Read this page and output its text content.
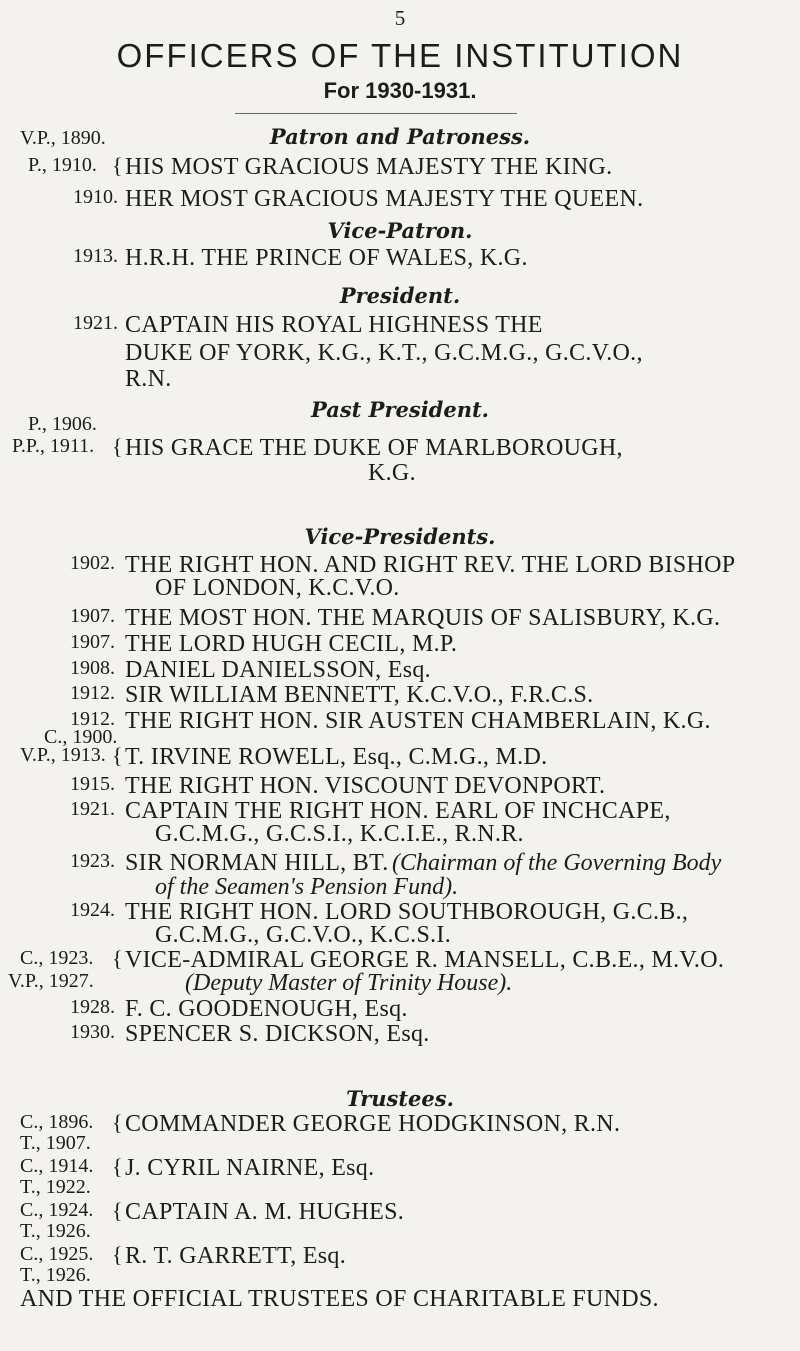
5
OFFICERS OF THE INSTITUTION
For 1930-1931.
Patron and Patroness.
V.P., 1890.
P., 1910. { HIS MOST GRACIOUS MAJESTY THE KING.
1910. HER MOST GRACIOUS MAJESTY THE QUEEN.
Vice-Patron.
1913. H.R.H. THE PRINCE OF WALES, K.G.
President.
1921. CAPTAIN HIS ROYAL HIGHNESS THE
DUKE OF YORK, K.G., K.T., G.C.M.G., G.C.V.O.,
R.N.
Past President.
P., 1906.
P.P., 1911. { HIS GRACE THE DUKE OF MARLBOROUGH,
K.G.
Vice-Presidents.
1902. THE RIGHT HON. AND RIGHT REV. THE LORD BISHOP
OF LONDON, K.C.V.O.
1907. THE MOST HON. THE MARQUIS OF SALISBURY, K.G.
1907. THE LORD HUGH CECIL, M.P.
1908. DANIEL DANIELSSON, Esq.
1912. SIR WILLIAM BENNETT, K.C.V.O., F.R.C.S.
1912. THE RIGHT HON. SIR AUSTEN CHAMBERLAIN, K.G.
C., 1900.
V.P., 1913. { T. IRVINE ROWELL, Esq., C.M.G., M.D.
1915. THE RIGHT HON. VISCOUNT DEVONPORT.
1921. CAPTAIN THE RIGHT HON. EARL OF INCHCAPE,
G.C.M.G., G.C.S.I., K.C.I.E., R.N.R.
1923. SIR NORMAN HILL, BT. (Chairman of the Governing Body
of the Seamen's Pension Fund).
1924. THE RIGHT HON. LORD SOUTHBOROUGH, G.C.B.,
G.C.M.G., G.C.V.O., K.C.S.I.
C., 1923. { VICE-ADMIRAL GEORGE R. MANSELL, C.B.E., M.V.O.
V.P., 1927.	(Deputy Master of Trinity House).
1928. F. C. GOODENOUGH, Esq.
1930. SPENCER S. DICKSON, Esq.
Trustees.
C., 1896. { COMMANDER GEORGE HODGKINSON, R.N.
T., 1907.
C., 1914. { J. CYRIL NAIRNE, Esq.
T., 1922.
C., 1924. { CAPTAIN A. M. HUGHES.
T., 1926.
C., 1925. { R. T. GARRETT, Esq.
T., 1926.
AND THE OFFICIAL TRUSTEES OF CHARITABLE FUNDS.
